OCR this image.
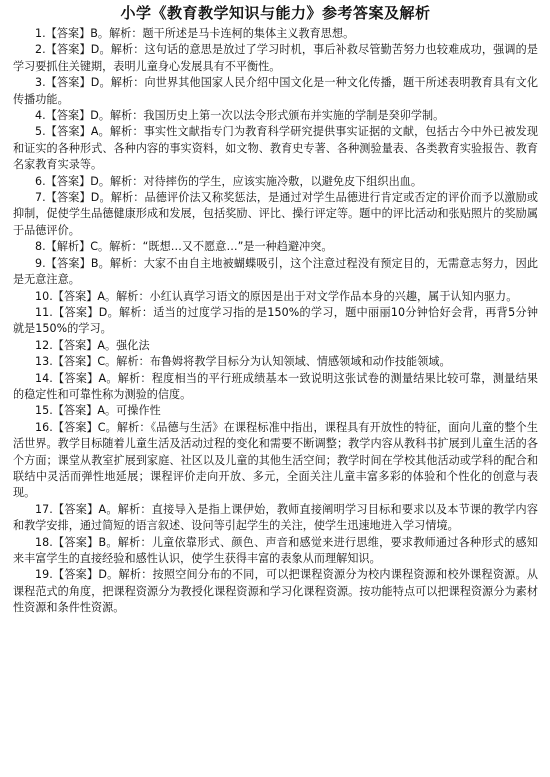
小学《教育教学知识与能力》参考答案及解析

1.【答案】B。解析：题干所述是马卡连柯的集体主义教育思想。

2.【答案】D。解析：这句话的意思是放过了学习时机，事后补救尽管勤苦努力也较难成功，强调的是学习要抓住关键期，表明儿童身心发展具有不平衡性。

3.【答案】D。解析：向世界其他国家人民介绍中国文化是一种文化传播，题干所述表明教育具有文化传播功能。

4.【答案】D。解析：我国历史上第一次以法令形式颁布并实施的学制是癸卯学制。

5.【答案】A。解析：事实性文献指专门为教育科学研究提供事实证据的文献，包括古今中外已被发现和证实的各种形式、各种内容的事实资料，如文物、教育史专著、各种测验量表、各类教育实验报告、教育名家教育实录等。

6.【答案】D。解析：对待摔伤的学生，应该实施冷敷，以避免皮下组织出血。

7.【答案】D。解析：品德评价法又称奖惩法，是通过对学生品德进行肯定或否定的评价而予以激励或抑制，促使学生品德健康形成和发展，包括奖励、评比、操行评定等。题中的评比活动和张贴照片的奖励属于品德评价。

8.【解析】C。解析：“既想…又不愿意…”是一种趋避冲突。

9.【答案】B。解析：大家不由自主地被蝴蝶吸引，这个注意过程没有预定目的，无需意志努力，因此是无意注意。

10.【答案】A。解析：小红认真学习语文的原因是出于对文学作品本身的兴趣，属于认知内驱力。

11.【答案】D。解析：适当的过度学习指的是150%的学习，题中丽丽10分钟恰好会背，再背5分钟就是150%的学习。

12.【答案】A。强化法

13.【答案】C。解析：布鲁姆将教学目标分为认知领域、情感领域和动作技能领域。

14.【答案】A。解析：程度相当的平行班成绩基本一致说明这张试卷的测量结果比较可靠，测量结果的稳定性和可靠性称为测验的信度。

15.【答案】A。可操作性

16.【答案】C。解析：《品德与生活》在课程标准中指出，课程具有开放性的特征，面向儿童的整个生活世界。教学目标随着儿童生活及活动过程的变化和需要不断调整；教学内容从教科书扩展到儿童生活的各个方面；课堂从教室扩展到家庭、社区以及儿童的其他生活空间；教学时间在学校其他活动或学科的配合和联结中灵活而弹性地延展；课程评价走向开放、多元，全面关注儿童丰富多彩的体验和个性化的创意与表现。

17.【答案】A。解析：直接导入是指上课伊始，教师直接阐明学习目标和要求以及本节课的教学内容和教学安排，通过简短的语言叙述、设问等引起学生的关注，使学生迅速地进入学习情境。

18.【答案】B。解析：儿童依靠形式、颜色、声音和感觉来进行思维，要求教师通过各种形式的感知来丰富学生的直接经验和感性认识，使学生获得丰富的表象从而理解知识。

19.【答案】D。解析：按照空间分布的不同，可以把课程资源分为校内课程资源和校外课程资源。从课程范式的角度，把课程资源分为教授化课程资源和学习化课程资源。按功能特点可以把课程资源分为素材性资源和条件性资源。
